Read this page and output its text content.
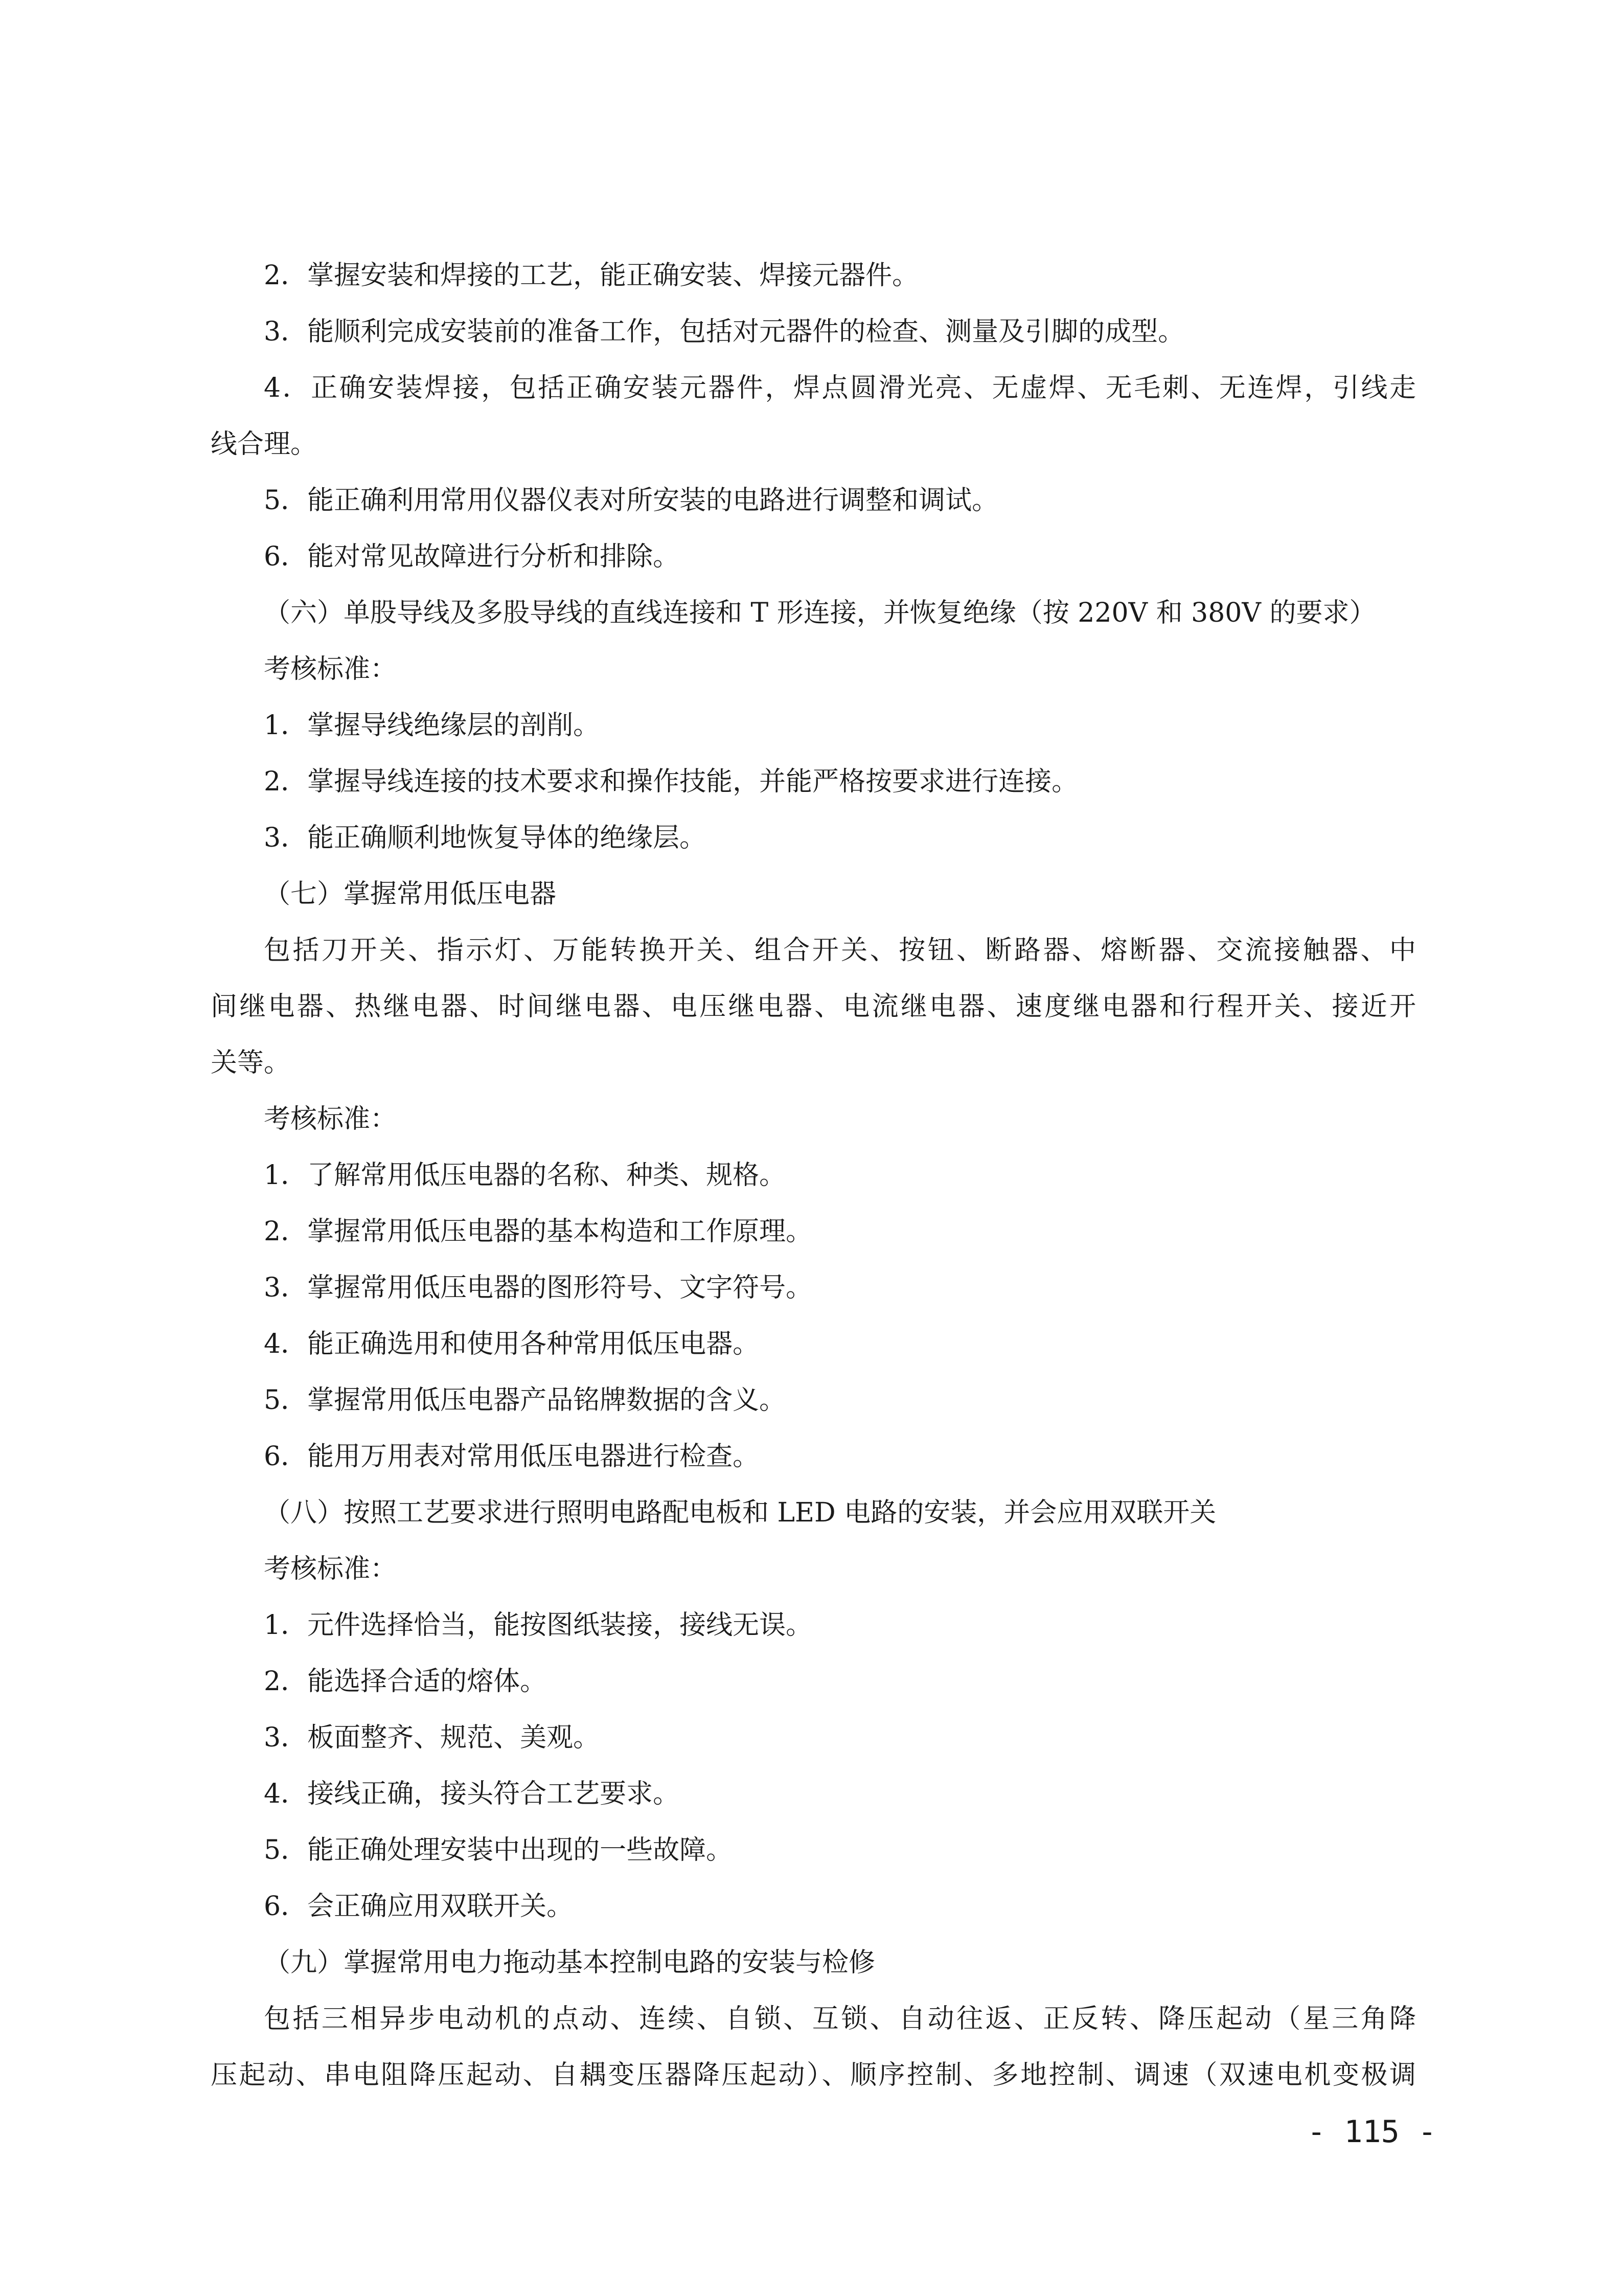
2．掌握安装和焊接的工艺，能正确安装、焊接元器件。
3．能顺利完成安装前的准备工作，包括对元器件的检查、测量及引脚的成型。
4．正确安装焊接，包括正确安装元器件，焊点圆滑光亮、无虚焊、无毛刺、无连焊，引线走
线合理。
5．能正确利用常用仪器仪表对所安装的电路进行调整和调试。
6．能对常见故障进行分析和排除。
（六）单股导线及多股导线的直线连接和 T 形连接，并恢复绝缘（按 220V 和 380V 的要求）
考核标准：
1．掌握导线绝缘层的剖削。
2．掌握导线连接的技术要求和操作技能，并能严格按要求进行连接。
3．能正确顺利地恢复导体的绝缘层。
（七）掌握常用低压电器
包括刀开关、指示灯、万能转换开关、组合开关、按钮、断路器、熔断器、交流接触器、中
间继电器、热继电器、时间继电器、电压继电器、电流继电器、速度继电器和行程开关、接近开
关等。
考核标准：
1．了解常用低压电器的名称、种类、规格。
2．掌握常用低压电器的基本构造和工作原理。
3．掌握常用低压电器的图形符号、文字符号。
4．能正确选用和使用各种常用低压电器。
5．掌握常用低压电器产品铭牌数据的含义。
6．能用万用表对常用低压电器进行检查。
（八）按照工艺要求进行照明电路配电板和 LED 电路的安装，并会应用双联开关
考核标准：
1．元件选择恰当，能按图纸装接，接线无误。
2．能选择合适的熔体。
3．板面整齐、规范、美观。
4．接线正确，接头符合工艺要求。
5．能正确处理安装中出现的一些故障。
6．会正确应用双联开关。
（九）掌握常用电力拖动基本控制电路的安装与检修
包括三相异步电动机的点动、连续、自锁、互锁、自动往返、正反转、降压起动（星三角降
压起动、串电阻降压起动、自耦变压器降压起动）、顺序控制、多地控制、调速（双速电机变极调
- 115 -
